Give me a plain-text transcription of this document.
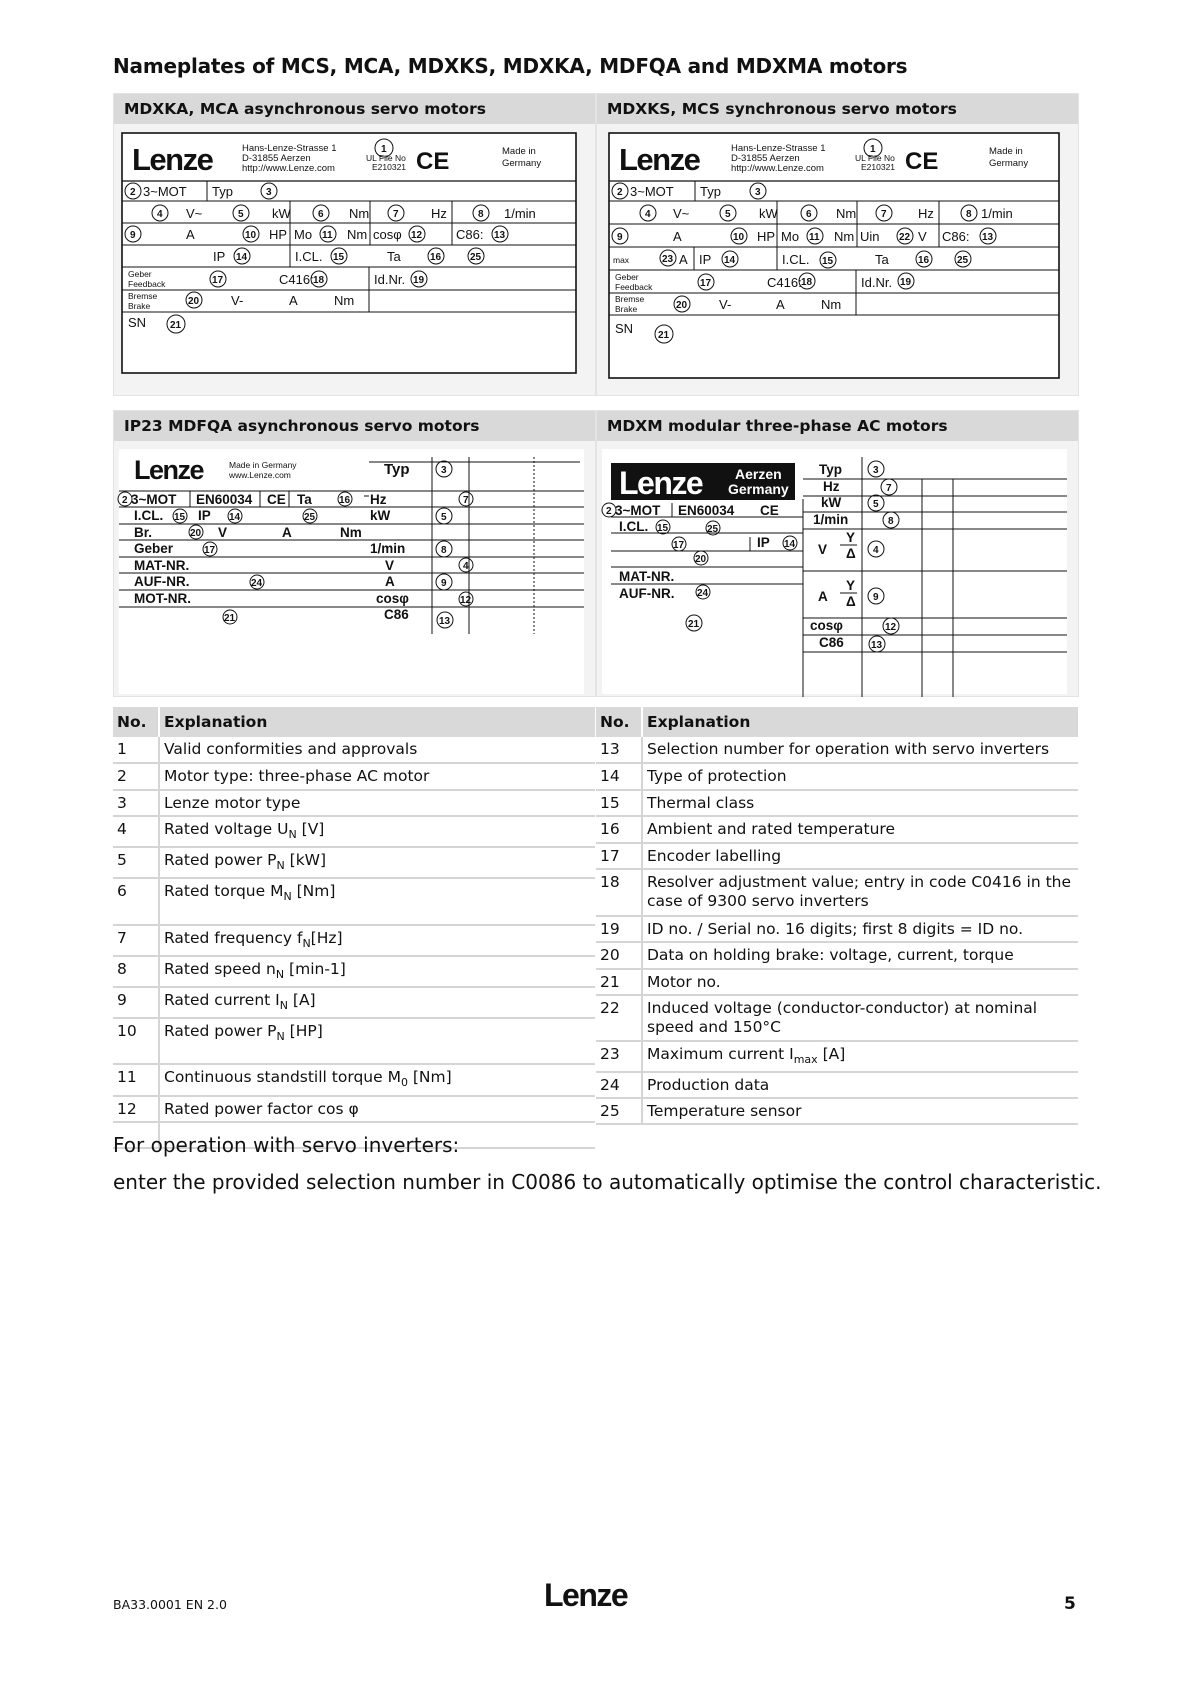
Nameplates of MCS, MCA, MDXKS, MDXKA, MDFQA and MDXMA motors
MDXKA, MCA asynchronous servo motors
Lenze	Hans-Lenze-Strasse 1
D-31855 Aerzen
http://www.Lenze.com
1
UL File No
E210321 CE	Made in
Germany
2 3~MOT Typ	3
4 V~	5 kW	6 Nm 7 Hz	8 1/min
9	A	10 HP Mo 11 Nm cosφ 12	C86: 13
IP 14	I.CL. 15	Ta	16	25
Geber
Feedback	17	C416: 18	Id.Nr. 19
Bremse
Brake	20 V-	A	Nm
SN 21
MDXKS, MCS synchronous servo motors
Lenze	Hans-Lenze-Strasse 1
D-31855 Aerzen
http://www.Lenze.com
1
UL File No
E210321 CE	Made in
Germany
2 3~MOT Typ	3
4 V~	5 kW	6 Nm 7 Hz	8 1/min
9	A	10 HP Mo 11 Nm Uin 22 V C86: 13
max	23 A IP 14	I.CL. 15	Ta	16	25
Geber
Feedback	17	C416: 18	Id.Nr. 19
Bremse
Brake	20 V-	A	Nm
SN 21
IP23 MDFQA asynchronous servo motors
Lenze	Made in Germany
www.Lenze.com	Typ	3
2 3~MOT EN60034 CE Ta	16 Hz	7
I.CL. 15 IP 14	25	kW	5
Br.	20 V	A	Nm
Geber	17	1/min	8
MAT-NR.	V	4
AUF-NR.	24	A	9
MOT-NR.	cosφ	12
21	C86	13
MDXM modular three-phase AC motors
Lenze Aerzen
Germany
Typ	3
Hz	7
kW	5
1/min	8
V
Y
Δ 4
A
Y
Δ 9
cosφ	12
C86	13
2 3~MOT EN60034 CE
I.CL. 15	25
17	IP 14
20
MAT-NR.
AUF-NR. 24
21
No.	Explanation
1	Valid conformities and approvals
2	Motor type: three-phase AC motor
3	Lenze motor type
4	Rated voltage $U_N$ [V]
5	Rated power $P_N$ [kW]
6	Rated torque $M_N$ [Nm]
7	Rated frequency $f_N[Hz]$
8	Rated speed $n_N$ [min-1]
9	Rated current $I_N$ [A]
10	Rated power $P_N$ [HP]
11	Continuous standstill torque $M_0$ [Nm]
12	Rated power factor cos φ

No.	Explanation
13	Selection number for operation with servo inverters
14	Type of protection
15	Thermal class
16	Ambient and rated temperature
17	Encoder labelling
18	Resolver adjustment value; entry in code C0416 in the case of 9300 servo inverters
19	ID no. / Serial no. 16 digits; first 8 digits = ID no.
20	Data on holding brake: voltage, current, torque
21	Motor no.
22	Induced voltage (conductor-conductor) at nominal speed and 150°C
23	Maximum current $I_{max}$ [A]
24	Production data
25	Temperature sensor
For operation with servo inverters:
enter the provided selection number in C0086 to automatically optimise the control characteristic.
BA33.0001 EN 2.0	Lenze	5
